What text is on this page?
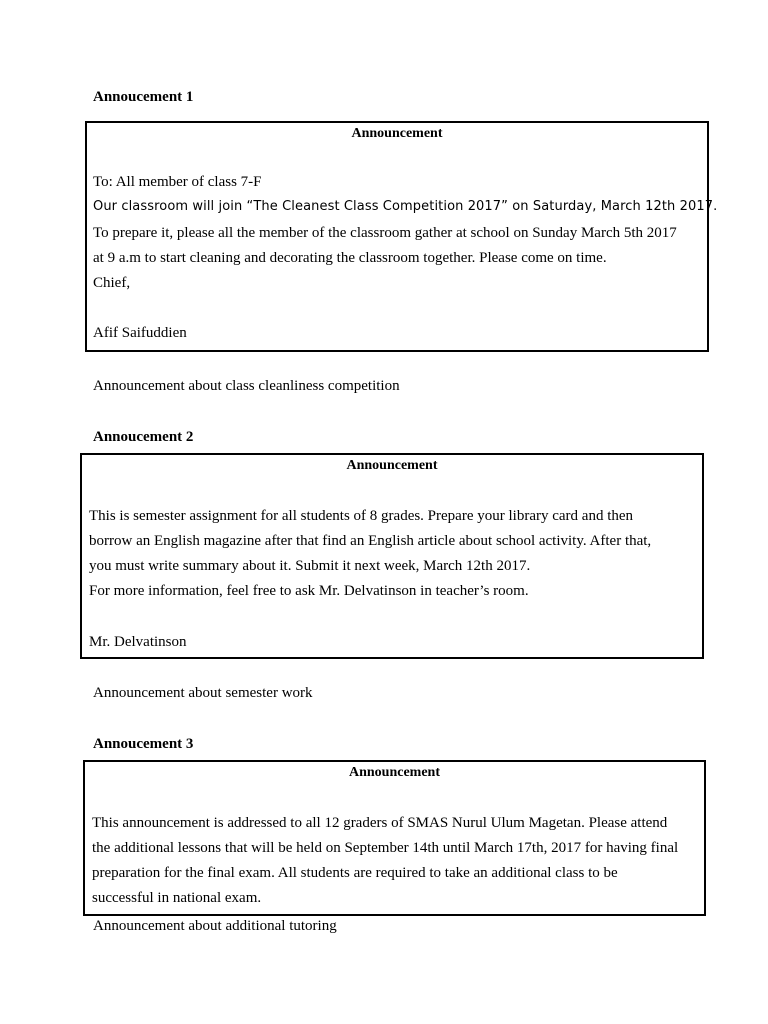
Annoucement 1
Announcement
To: All member of class 7-F
Our classroom will join “The Cleanest Class Competition 2017” on Saturday, March 12th 2017.
To prepare it, please all the member of the classroom gather at school on Sunday March 5th 2017
at 9 a.m to start cleaning and decorating the classroom together. Please come on time.
Chief,
Afif Saifuddien
Announcement about class cleanliness competition
Annoucement 2
Announcement
This is semester assignment for all students of 8 grades. Prepare your library card and then
borrow an English magazine after that find an English article about school activity. After that,
you must write summary about it. Submit it next week, March 12th 2017.
For more information, feel free to ask Mr. Delvatinson in teacher’s room.
Mr. Delvatinson
Announcement about semester work
Annoucement 3
Announcement
This announcement is addressed to all 12 graders of SMAS Nurul Ulum Magetan. Please attend
the additional lessons that will be held on September 14th until March 17th, 2017 for having final
preparation for the final exam. All students are required to take an additional class to be
successful in national exam.
Announcement about additional tutoring
